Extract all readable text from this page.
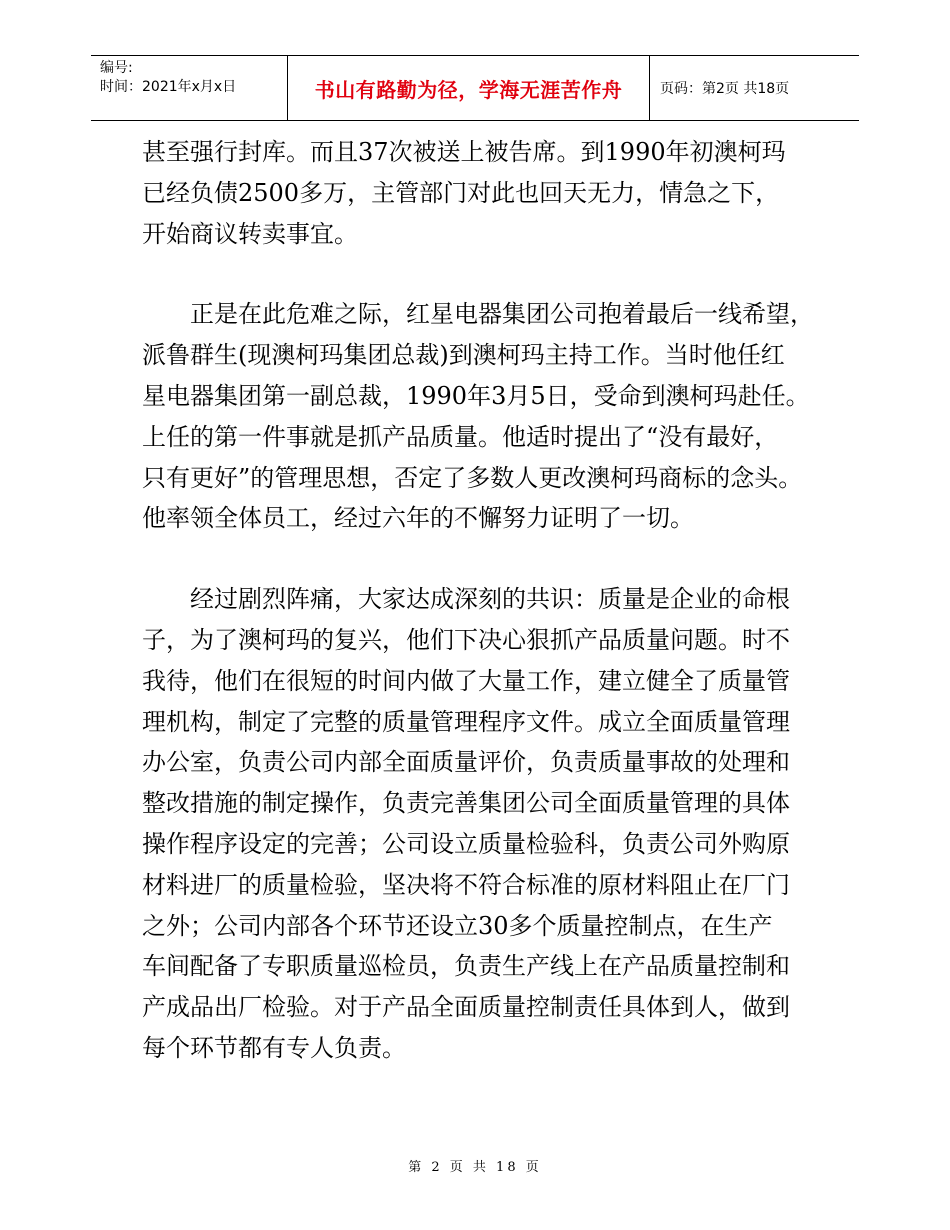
编号:
时间：2021年x月x日	书山有路勤为径，学海无涯苦作舟	页码：第2页 共18页

甚至强行封库。而且37次被送上被告席。到1990年初澳柯玛

已经负债2500多万，主管部门对此也回天无力，情急之下，

开始商议转卖事宜。

正是在此危难之际，红星电器集团公司抱着最后一线希望，

派鲁群生(现澳柯玛集团总裁)到澳柯玛主持工作。当时他任红

星电器集团第一副总裁，1990年3月5日，受命到澳柯玛赴任。

上任的第一件事就是抓产品质量。他适时提出了“没有最好，

只有更好”的管理思想，否定了多数人更改澳柯玛商标的念头。

他率领全体员工，经过六年的不懈努力证明了一切。

经过剧烈阵痛，大家达成深刻的共识：质量是企业的命根

子，为了澳柯玛的复兴，他们下决心狠抓产品质量问题。时不

我待，他们在很短的时间内做了大量工作，建立健全了质量管

理机构，制定了完整的质量管理程序文件。成立全面质量管理

办公室，负责公司内部全面质量评价，负责质量事故的处理和

整改措施的制定操作，负责完善集团公司全面质量管理的具体

操作程序设定的完善；公司设立质量检验科，负责公司外购原

材料进厂的质量检验，坚决将不符合标准的原材料阻止在厂门

之外；公司内部各个环节还设立30多个质量控制点，在生产

车间配备了专职质量巡检员，负责生产线上在产品质量控制和

产成品出厂检验。对于产品全面质量控制责任具体到人，做到

每个环节都有专人负责。

第 2 页 共 18 页
